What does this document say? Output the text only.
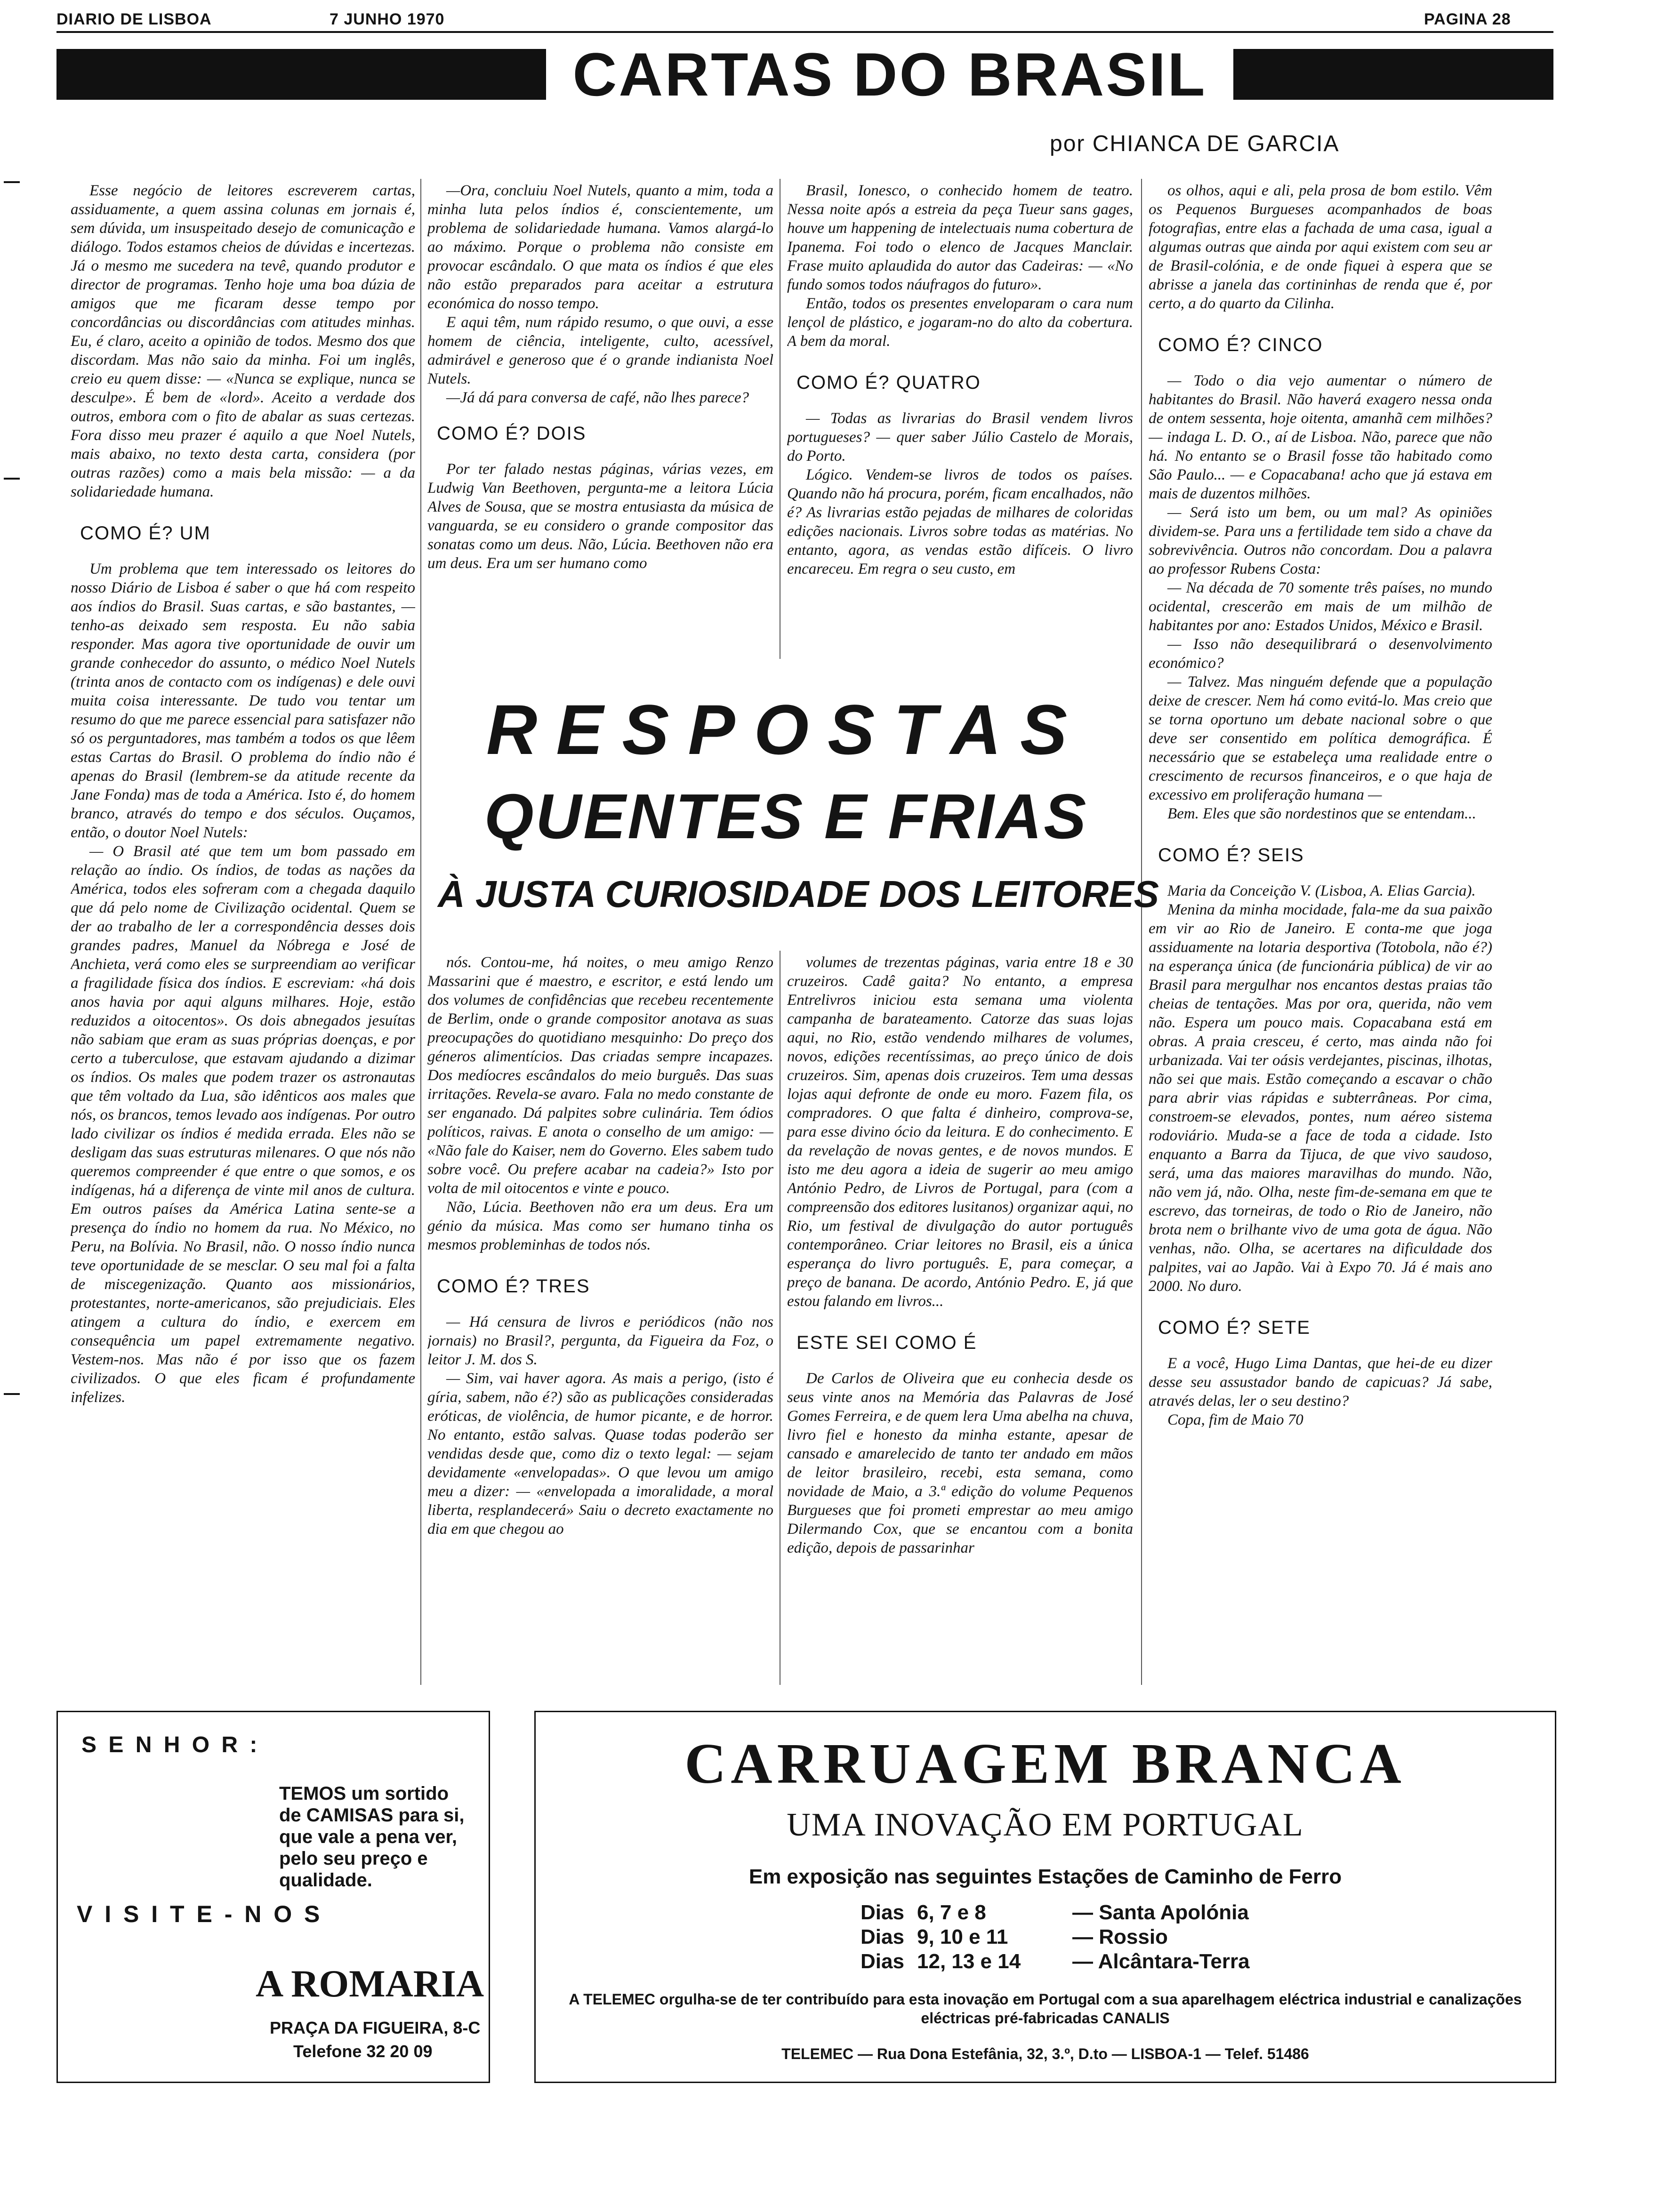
DIARIO DE LISBOA	7 JUNHO 1970	PAGINA 28
CARTAS DO BRASIL
por CHIANCA DE GARCIA

Esse negócio de leitores escreverem cartas, assiduamente, a quem assina colunas em jornais é, sem dúvida, um insuspeitado desejo de comunicação e diálogo. Todos estamos cheios de dúvidas e incertezas. Já o mesmo me sucedera na tevê, quando produtor e director de programas. Tenho hoje uma boa dúzia de amigos que me ficaram desse tempo por concordâncias ou discordâncias com atitudes minhas. Eu, é claro, aceito a opinião de todos. Mesmo dos que discordam. Mas não saio da minha. Foi um inglês, creio eu quem disse: — «Nunca se explique, nunca se desculpe». É bem de «lord». Aceito a verdade dos outros, embora com o fito de abalar as suas certezas. Fora disso meu prazer é aquilo a que Noel Nutels, mais abaixo, no texto desta carta, considera (por outras razões) como a mais bela missão: — a da solidariedade humana.

COMO É? UM

Um problema que tem interessado os leitores do nosso Diário de Lisboa é saber o que há com respeito aos índios do Brasil. Suas cartas, e são bastantes, — tenho-as deixado sem resposta. Eu não sabia responder. Mas agora tive oportunidade de ouvir um grande conhecedor do assunto, o médico Noel Nutels (trinta anos de contacto com os indígenas) e dele ouvi muita coisa interessante. De tudo vou tentar um resumo do que me parece essencial para satisfazer não só os perguntadores, mas também a todos os que lêem estas Cartas do Brasil. O problema do índio não é apenas do Brasil (lembrem-se da atitude recente da Jane Fonda) mas de toda a América. Isto é, do homem branco, através do tempo e dos séculos. Ouçamos, então, o doutor Noel Nutels:

— O Brasil até que tem um bom passado em relação ao índio. Os índios, de todas as nações da América, todos eles sofreram com a chegada daquilo que dá pelo nome de Civilização ocidental. Quem se der ao trabalho de ler a correspondência desses dois grandes padres, Manuel da Nóbrega e José de Anchieta, verá como eles se surpreendiam ao verificar a fragilidade física dos índios. E escreviam: «há dois anos havia por aqui alguns milhares. Hoje, estão reduzidos a oitocentos». Os dois abnegados jesuítas não sabiam que eram as suas próprias doenças, e por certo a tuberculose, que estavam ajudando a dizimar os índios. Os males que podem trazer os astronautas que têm voltado da Lua, são idênticos aos males que nós, os brancos, temos levado aos indígenas. Por outro lado civilizar os índios é medida errada. Eles não se desligam das suas estruturas milenares. O que nós não queremos compreender é que entre o que somos, e os indígenas, há a diferença de vinte mil anos de cultura. Em outros países da América Latina sente-se a presença do índio no homem da rua. No México, no Peru, na Bolívia. No Brasil, não. O nosso índio nunca teve oportunidade de se mesclar. O seu mal foi a falta de miscegenização. Quanto aos missionários, protestantes, norte-americanos, são prejudiciais. Eles atingem a cultura do índio, e exercem em consequência um papel extremamente negativo. Vestem-nos. Mas não é por isso que os fazem civilizados. O que eles ficam é profundamente infelizes.

—Ora, concluiu Noel Nutels, quanto a mim, toda a minha luta pelos índios é, conscientemente, um problema de solidariedade humana. Vamos alargá-lo ao máximo. Porque o problema não consiste em provocar escândalo. O que mata os índios é que eles não estão preparados para aceitar a estrutura económica do nosso tempo.

E aqui têm, num rápido resumo, o que ouvi, a esse homem de ciência, inteligente, culto, acessível, admirável e generoso que é o grande indianista Noel Nutels.

—Já dá para conversa de café, não lhes parece?

COMO É? DOIS

Por ter falado nestas páginas, várias vezes, em Ludwig Van Beethoven, pergunta-me a leitora Lúcia Alves de Sousa, que se mostra entusiasta da música de vanguarda, se eu considero o grande compositor das sonatas como um deus. Não, Lúcia. Beethoven não era um deus. Era um ser humano como

Brasil, Ionesco, o conhecido homem de teatro. Nessa noite após a estreia da peça Tueur sans gages, houve um happening de intelectuais numa cobertura de Ipanema. Foi todo o elenco de Jacques Manclair. Frase muito aplaudida do autor das Cadeiras: — «No fundo somos todos náufragos do futuro».

Então, todos os presentes enveloparam o cara num lençol de plástico, e jogaram-no do alto da cobertura. A bem da moral.

COMO É? QUATRO

— Todas as livrarias do Brasil vendem livros portugueses? — quer saber Júlio Castelo de Morais, do Porto.

Lógico. Vendem-se livros de todos os países. Quando não há procura, porém, ficam encalhados, não é? As livrarias estão pejadas de milhares de coloridas edições nacionais. Livros sobre todas as matérias. No entanto, agora, as vendas estão difíceis. O livro encareceu. Em regra o seu custo, em

RESPOSTAS
QUENTES E FRIAS
À JUSTA CURIOSIDADE DOS LEITORES

nós. Contou-me, há noites, o meu amigo Renzo Massarini que é maestro, e escritor, e está lendo um dos volumes de confidências que recebeu recentemente de Berlim, onde o grande compositor anotava as suas preocupações do quotidiano mesquinho: Do preço dos géneros alimentícios. Das criadas sempre incapazes. Dos medíocres escândalos do meio burguês. Das suas irritações. Revela-se avaro. Fala no medo constante de ser enganado. Dá palpites sobre culinária. Tem ódios políticos, raivas. E anota o conselho de um amigo: — «Não fale do Kaiser, nem do Governo. Eles sabem tudo sobre você. Ou prefere acabar na cadeia?» Isto por volta de mil oitocentos e vinte e pouco.

Não, Lúcia. Beethoven não era um deus. Era um génio da música. Mas como ser humano tinha os mesmos probleminhas de todos nós.

COMO É? TRES

— Há censura de livros e periódicos (não nos jornais) no Brasil?, pergunta, da Figueira da Foz, o leitor J. M. dos S.

— Sim, vai haver agora. As mais a perigo, (isto é gíria, sabem, não é?) são as publicações consideradas eróticas, de violência, de humor picante, e de horror. No entanto, estão salvas. Quase todas poderão ser vendidas desde que, como diz o texto legal: — sejam devidamente «envelopadas». O que levou um amigo meu a dizer: — «envelopada a imoralidade, a moral liberta, resplandecerá» Saiu o decreto exactamente no dia em que chegou ao

volumes de trezentas páginas, varia entre 18 e 30 cruzeiros. Cadê gaita? No entanto, a empresa Entrelivros iniciou esta semana uma violenta campanha de barateamento. Catorze das suas lojas aqui, no Rio, estão vendendo milhares de volumes, novos, edições recentíssimas, ao preço único de dois cruzeiros. Sim, apenas dois cruzeiros. Tem uma dessas lojas aqui defronte de onde eu moro. Fazem fila, os compradores. O que falta é dinheiro, comprova-se, para esse divino ócio da leitura. E do conhecimento. E da revelação de novas gentes, e de novos mundos. E isto me deu agora a ideia de sugerir ao meu amigo António Pedro, de Livros de Portugal, para (com a compreensão dos editores lusitanos) organizar aqui, no Rio, um festival de divulgação do autor português contemporâneo. Criar leitores no Brasil, eis a única esperança do livro português. E, para começar, a preço de banana. De acordo, António Pedro. E, já que estou falando em livros...

ESTE SEI COMO É

De Carlos de Oliveira que eu conhecia desde os seus vinte anos na Memória das Palavras de José Gomes Ferreira, e de quem lera Uma abelha na chuva, livro fiel e honesto da minha estante, apesar de cansado e amarelecido de tanto ter andado em mãos de leitor brasileiro, recebi, esta semana, como novidade de Maio, a 3.ª edição do volume Pequenos Burgueses que foi prometi emprestar ao meu amigo Dilermando Cox, que se encantou com a bonita edição, depois de passarinhar

os olhos, aqui e ali, pela prosa de bom estilo. Vêm os Pequenos Burgueses acompanhados de boas fotografias, entre elas a fachada de uma casa, igual a algumas outras que ainda por aqui existem com seu ar de Brasil-colónia, e de onde fiquei à espera que se abrisse a janela das cortininhas de renda que é, por certo, a do quarto da Cilinha.

COMO É? CINCO

— Todo o dia vejo aumentar o número de habitantes do Brasil. Não haverá exagero nessa onda de ontem sessenta, hoje oitenta, amanhã cem milhões? — indaga L. D. O., aí de Lisboa. Não, parece que não há. No entanto se o Brasil fosse tão habitado como São Paulo... — e Copacabana! acho que já estava em mais de duzentos milhões.

— Será isto um bem, ou um mal? As opiniões dividem-se. Para uns a fertilidade tem sido a chave da sobrevivência. Outros não concordam. Dou a palavra ao professor Rubens Costa:

— Na década de 70 somente três países, no mundo ocidental, crescerão em mais de um milhão de habitantes por ano: Estados Unidos, México e Brasil.

— Isso não desequilibrará o desenvolvimento económico?

— Talvez. Mas ninguém defende que a população deixe de crescer. Nem há como evitá-lo. Mas creio que se torna oportuno um debate nacional sobre o que deve ser consentido em política demográfica. É necessário que se estabeleça uma realidade entre o crescimento de recursos financeiros, e o que haja de excessivo em proliferação humana —

Bem. Eles que são nordestinos que se entendam...

COMO É? SEIS

Maria da Conceição V. (Lisboa, A. Elias Garcia).

Menina da minha mocidade, fala-me da sua paixão em vir ao Rio de Janeiro. E conta-me que joga assiduamente na lotaria desportiva (Totobola, não é?) na esperança única (de funcionária pública) de vir ao Brasil para mergulhar nos encantos destas praias tão cheias de tentações. Mas por ora, querida, não vem não. Espera um pouco mais. Copacabana está em obras. A praia cresceu, é certo, mas ainda não foi urbanizada. Vai ter oásis verdejantes, piscinas, ilhotas, não sei que mais. Estão começando a escavar o chão para abrir vias rápidas e subterrâneas. Por cima, constroem-se elevados, pontes, num aéreo sistema rodoviário. Muda-se a face de toda a cidade. Isto enquanto a Barra da Tijuca, de que vivo saudoso, será, uma das maiores maravilhas do mundo. Não, não vem já, não. Olha, neste fim-de-semana em que te escrevo, das torneiras, de todo o Rio de Janeiro, não brota nem o brilhante vivo de uma gota de água. Não venhas, não. Olha, se acertares na dificuldade dos palpites, vai ao Japão. Vai à Expo 70. Já é mais ano 2000. No duro.

COMO É? SETE

E a você, Hugo Lima Dantas, que hei-de eu dizer desse seu assustador bando de capicuas? Já sabe, através delas, ler o seu destino?

Copa, fim de Maio 70

S E N H O R :
TEMOS um sortido de CAMISAS para si, que vale a pena ver, pelo seu preço e qualidade.
V I S I T E - N O S
A ROMARIA
PRAÇA DA FIGUEIRA, 8-C
Telefone 32 20 09
CARRUAGEM BRANCA
UMA INOVAÇÃO EM PORTUGAL
Em exposição nas seguintes Estações de Caminho de Ferro
Dias 6, 7 e 8	— Santa Apolónia
Dias 9, 10 e 11	— Rossio
Dias 12, 13 e 14 — Alcântara-Terra
A TELEMEC orgulha-se de ter contribuído para esta inovação em Portugal com a sua aparelhagem eléctrica industrial e canalizações eléctricas pré-fabricadas CANALIS
TELEMEC — Rua Dona Estefânia, 32, 3.º, D.to — LISBOA-1 — Telef. 51486
